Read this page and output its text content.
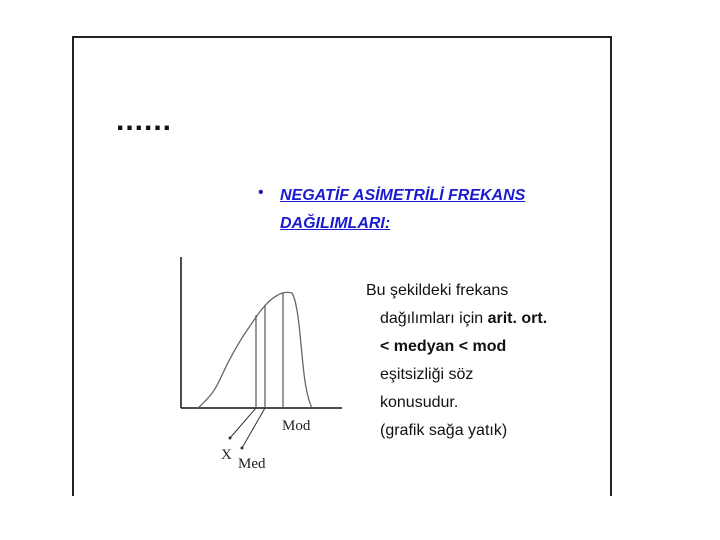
......
• NEGATİF ASİMETRİLİ FREKANS
DAĞILIMLARI:
X
Med
Mod
Bu şekildeki frekans
dağılımları için arit. ort.
< medyan < mod
eşitsizliği söz
konusudur.
(grafik sağa yatık)
